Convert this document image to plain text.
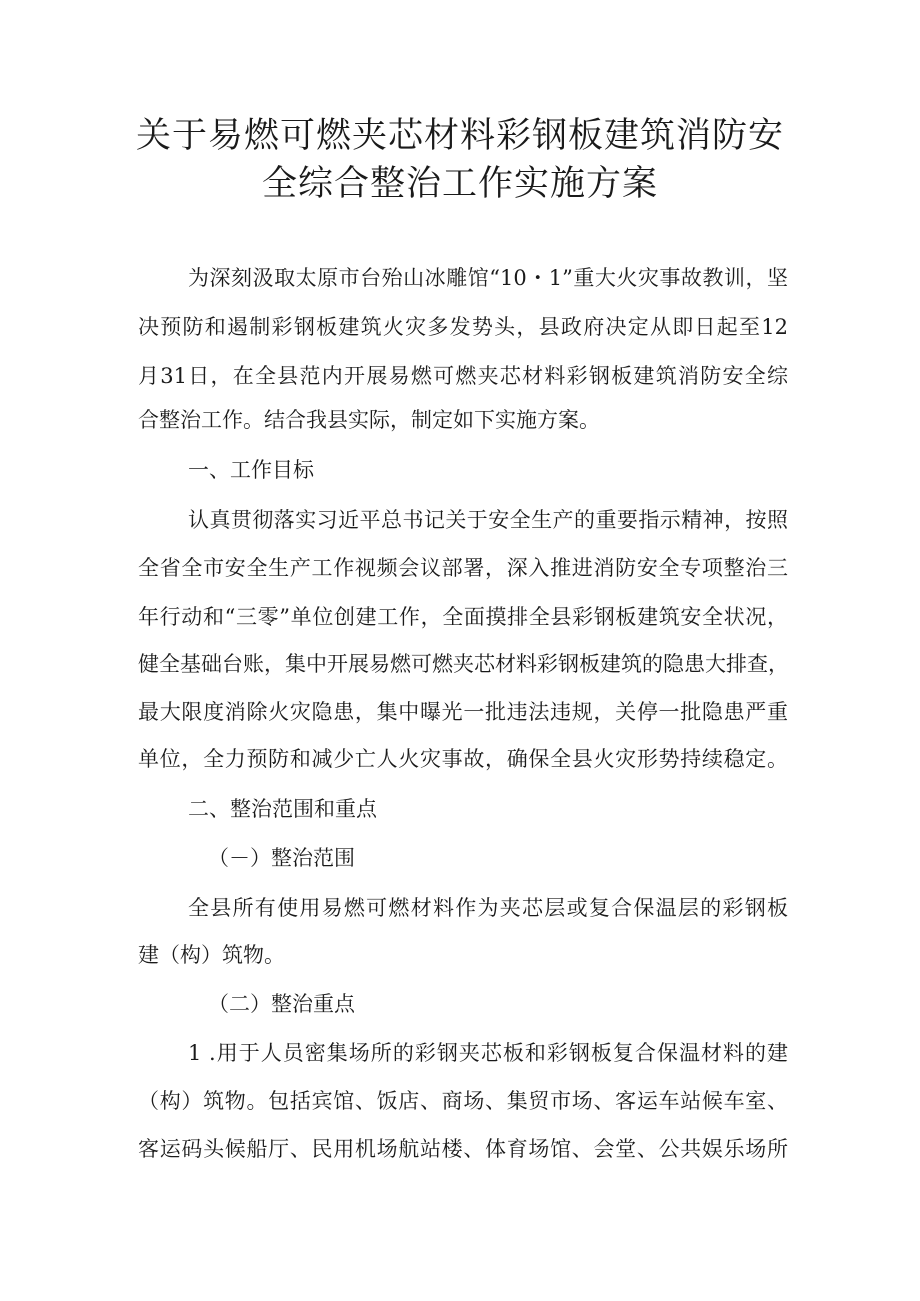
关于易燃可燃夹芯材料彩钢板建筑消防安
全综合整治工作实施方案

为深刻汲取太原市台殆山冰雕馆“10・1”重大火灾事故教训，坚

决预防和遏制彩钢板建筑火灾多发势头，县政府决定从即日起至12

月31日，在全县范内开展易燃可燃夹芯材料彩钢板建筑消防安全综

合整治工作。结合我县实际，制定如下实施方案。

一、工作目标

认真贯彻落实习近平总书记关于安全生产的重要指示精神，按照

全省全市安全生产工作视频会议部署，深入推进消防安全专项整治三

年行动和“三零”单位创建工作，全面摸排全县彩钢板建筑安全状况，

健全基础台账，集中开展易燃可燃夹芯材料彩钢板建筑的隐患大排查，

最大限度消除火灾隐患，集中曝光一批违法违规，关停一批隐患严重

单位，全力预防和减少亡人火灾事故，确保全县火灾形势持续稳定。

二、整治范围和重点

（－）整治范围

全县所有使用易燃可燃材料作为夹芯层或复合保温层的彩钢板

建（构）筑物。

（二）整治重点

1 .用于人员密集场所的彩钢夹芯板和彩钢板复合保温材料的建

（构）筑物。包括宾馆、饭店、商场、集贸市场、客运车站候车室、

客运码头候船厅、民用机场航站楼、体育场馆、会堂、公共娱乐场所
